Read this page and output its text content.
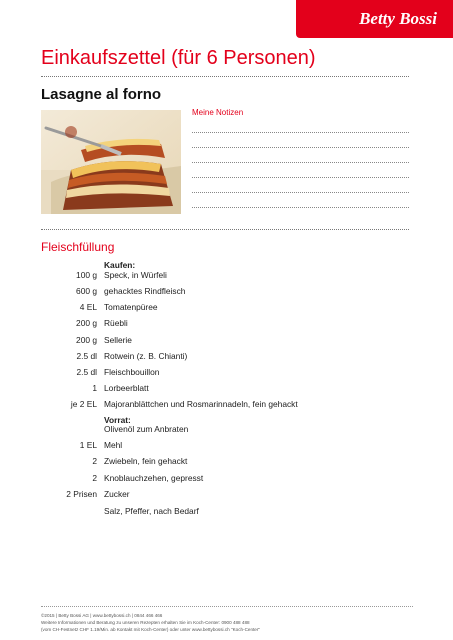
Betty Bossi
Einkaufszettel (für 6 Personen)
Lasagne al forno
Meine Notizen
Fleischfüllung
Kaufen:
100 g Speck, in Würfeli
600 g gehacktes Rindfleisch
4 EL Tomatenpüree
200 g Rüebli
200 g Sellerie
2.5 dl Rotwein (z. B. Chianti)
2.5 dl Fleischbouillon
1 Lorbeerblatt
je 2 EL Majoranblättchen und Rosmarinnadeln, fein gehackt
Vorrat:
Olivenöl zum Anbraten
1 EL Mehl
2 Zwiebeln, fein gehackt
2 Knoblauchzehen, gepresst
2 Prisen Zucker
Salz, Pfeffer, nach Bedarf
©2015 | Betty Bossi AG | www.bettybossi.ch | 0844 466 466
Weitere Informationen und Beratung zu unseren Rezepten erhalten Sie im Koch-Center: 0900 488 488
(vom CH-Festnetz CHF 1.19/Min. ab Kontakt mit Koch-Center) oder unter www.bettybossi.ch "Koch-Center"
